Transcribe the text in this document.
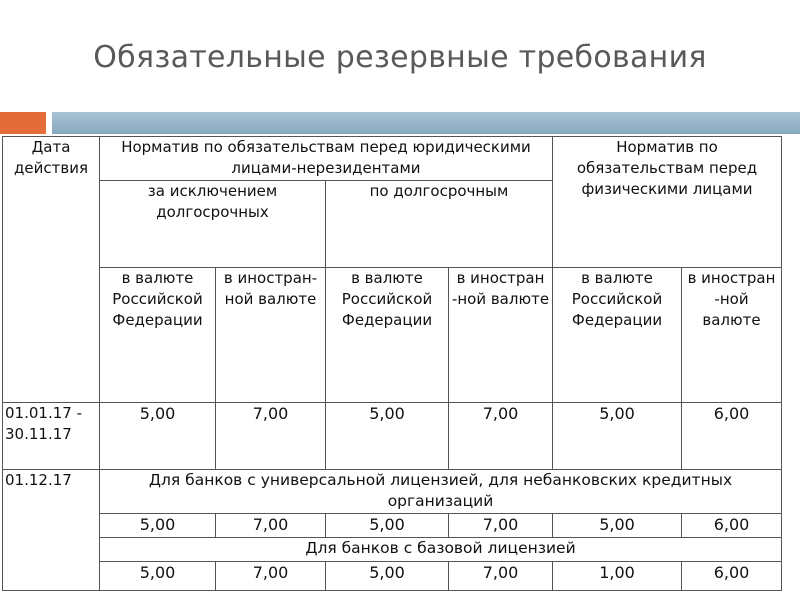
Обязательные резервные требования
Дата действия	Норматив по обязательствам перед юридическими лицами-нерезидентами				Норматив по обязательствам перед физическими лицами	
	за исключением долгосрочных		по долгосрочным			
	в валюте Российской Федерации	в иностран-ной валюте	в валюте Российской Федерации	в иностран -ной валюте	в валюте Российской Федерации	в иностран -ной валюте
01.01.17 - 30.11.17	5,00	7,00	5,00	7,00	5,00	6,00
01.12.17	Для банков с универсальной лицензией, для небанковских кредитных организаций					
	5,00	7,00	5,00	7,00	5,00	6,00
	Для банков с базовой лицензией					
	5,00	7,00	5,00	7,00	1,00	6,00
